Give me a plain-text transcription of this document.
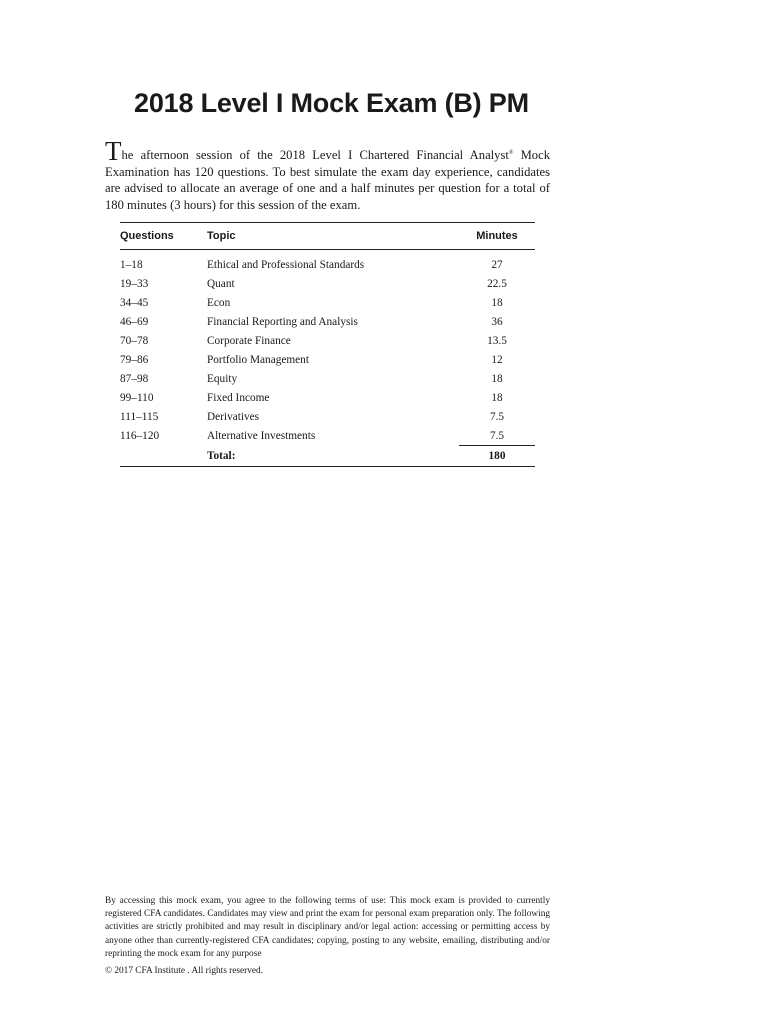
2018 Level I Mock Exam (B) PM

The afternoon session of the 2018 Level I Chartered Financial Analyst® Mock Examination has 120 questions. To best simulate the exam day experience, candidates are advised to allocate an average of one and a half minutes per question for a total of 180 minutes (3 hours) for this session of the exam.

Questions	Topic	Minutes
1–18	Ethical and Professional Standards	27
19–33	Quant	22.5
34–45	Econ	18
46–69	Financial Reporting and Analysis	36
70–78	Corporate Finance	13.5
79–86	Portfolio Management	12
87–98	Equity	18
99–110	Fixed Income	18
111–115	Derivatives	7.5
116–120	Alternative Investments	7.5
	Total:	180

By accessing this mock exam, you agree to the following terms of use: This mock exam is provided to currently registered CFA candidates. Candidates may view and print the exam for personal exam preparation only. The following activities are strictly prohibited and may result in disciplinary and/or legal action: accessing or permitting access by anyone other than currently-registered CFA candidates; copying, posting to any website, emailing, distributing and/or reprinting the mock exam for any purpose

© 2017 CFA Institute . All rights reserved.
